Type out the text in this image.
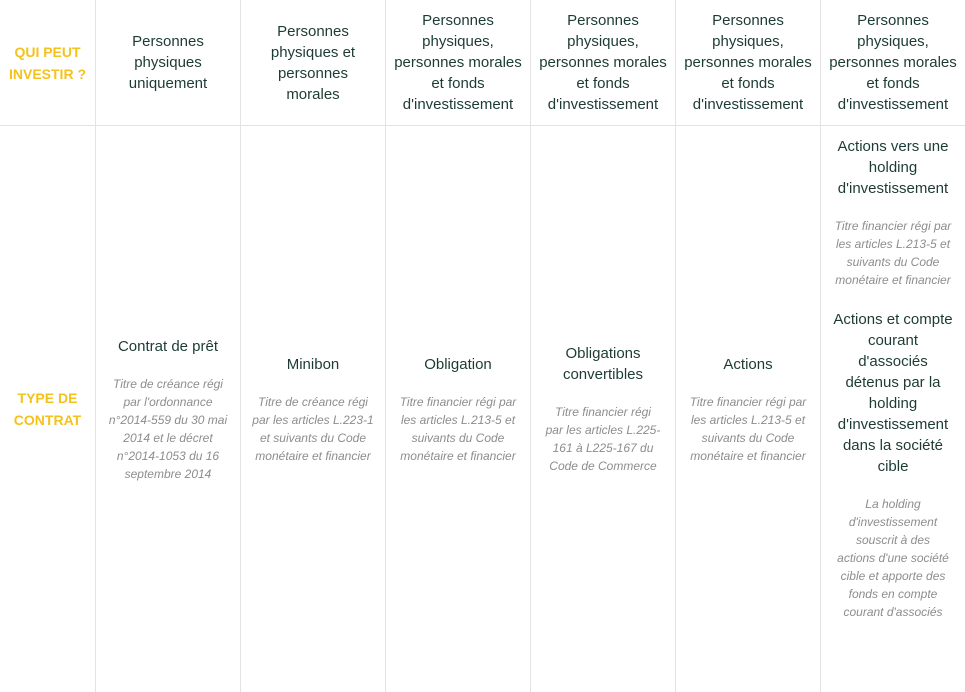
QUI PEUT INVESTIR ?
Personnes physiques uniquement
Personnes physiques et personnes morales
Personnes physiques, personnes morales et fonds d'investissement
Personnes physiques, personnes morales et fonds d'investissement
Personnes physiques, personnes morales et fonds d'investissement
Personnes physiques, personnes morales et fonds d'investissement
TYPE DE CONTRAT
Contrat de prêt
Titre de créance régi par l'ordonnance n°2014-559 du 30 mai 2014 et le décret n°2014-1053 du 16 septembre 2014
Minibon
Titre de créance régi par les articles L.223-1 et suivants du Code monétaire et financier
Obligation
Titre financier régi par les articles L.213-5 et suivants du Code monétaire et financier
Obligations convertibles
Titre financier régi par les articles L.225-161 à L225-167 du Code de Commerce
Actions
Titre financier régi par les articles L.213-5 et suivants du Code monétaire et financier
Actions vers une holding d'investissement
Titre financier régi par les articles L.213-5 et suivants du Code monétaire et financier
Actions et compte courant d'associés détenus par la holding d'investissement dans la société cible
La holding d'investissement souscrit à des actions d'une société cible et apporte des fonds en compte courant d'associés
